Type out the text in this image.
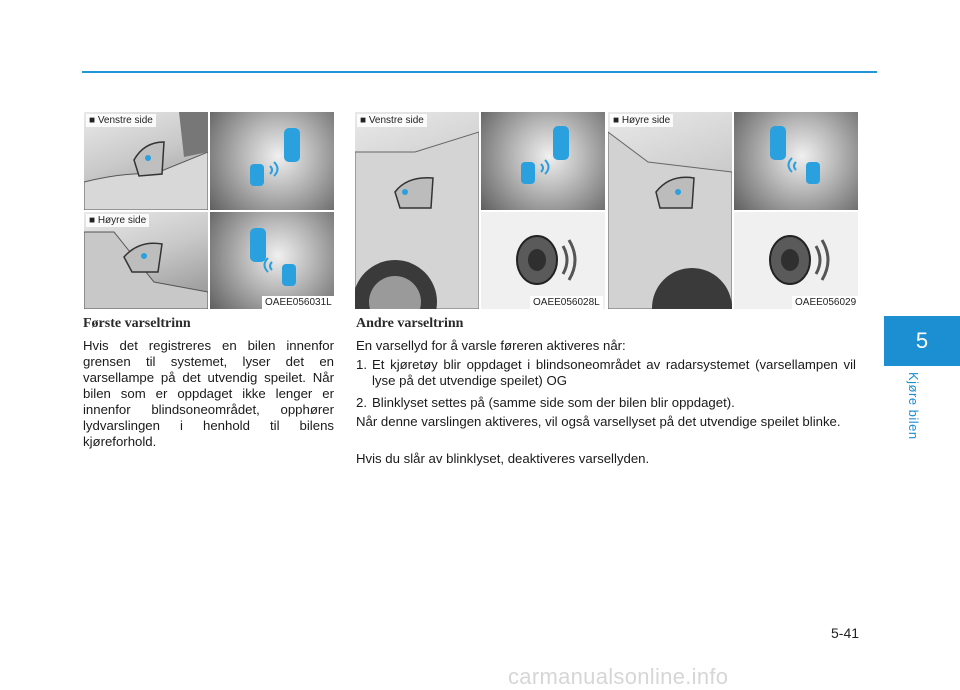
■ Venstre side
■ Høyre side
OAEE056031L
■ Venstre side
OAEE056028L
■ Høyre side
OAEE056029
Første varseltrinn

Hvis det registreres en bilen innenfor grensen til systemet, lyser det en varsellampe på det utvendig speilet. Når bilen som er oppdaget ikke lenger er innenfor blindsoneområdet, opphører lydvarslingen i henhold til bilens kjøreforhold.

Andre varseltrinn

En varsellyd for å varsle føreren aktiveres når:

1. Et kjøretøy blir oppdaget i blindsoneområdet av radarsystemet (varsellampen vil lyse på det utvendige speilet) OG
2. Blinklyset settes på (samme side som der bilen blir oppdaget).

Når denne varslingen aktiveres, vil også varsellyset på det utvendige speilet blinke.

Hvis du slår av blinklyset, deaktiveres varsellyden.

5
Kjøre bilen
5-41
carmanualsonline.info
